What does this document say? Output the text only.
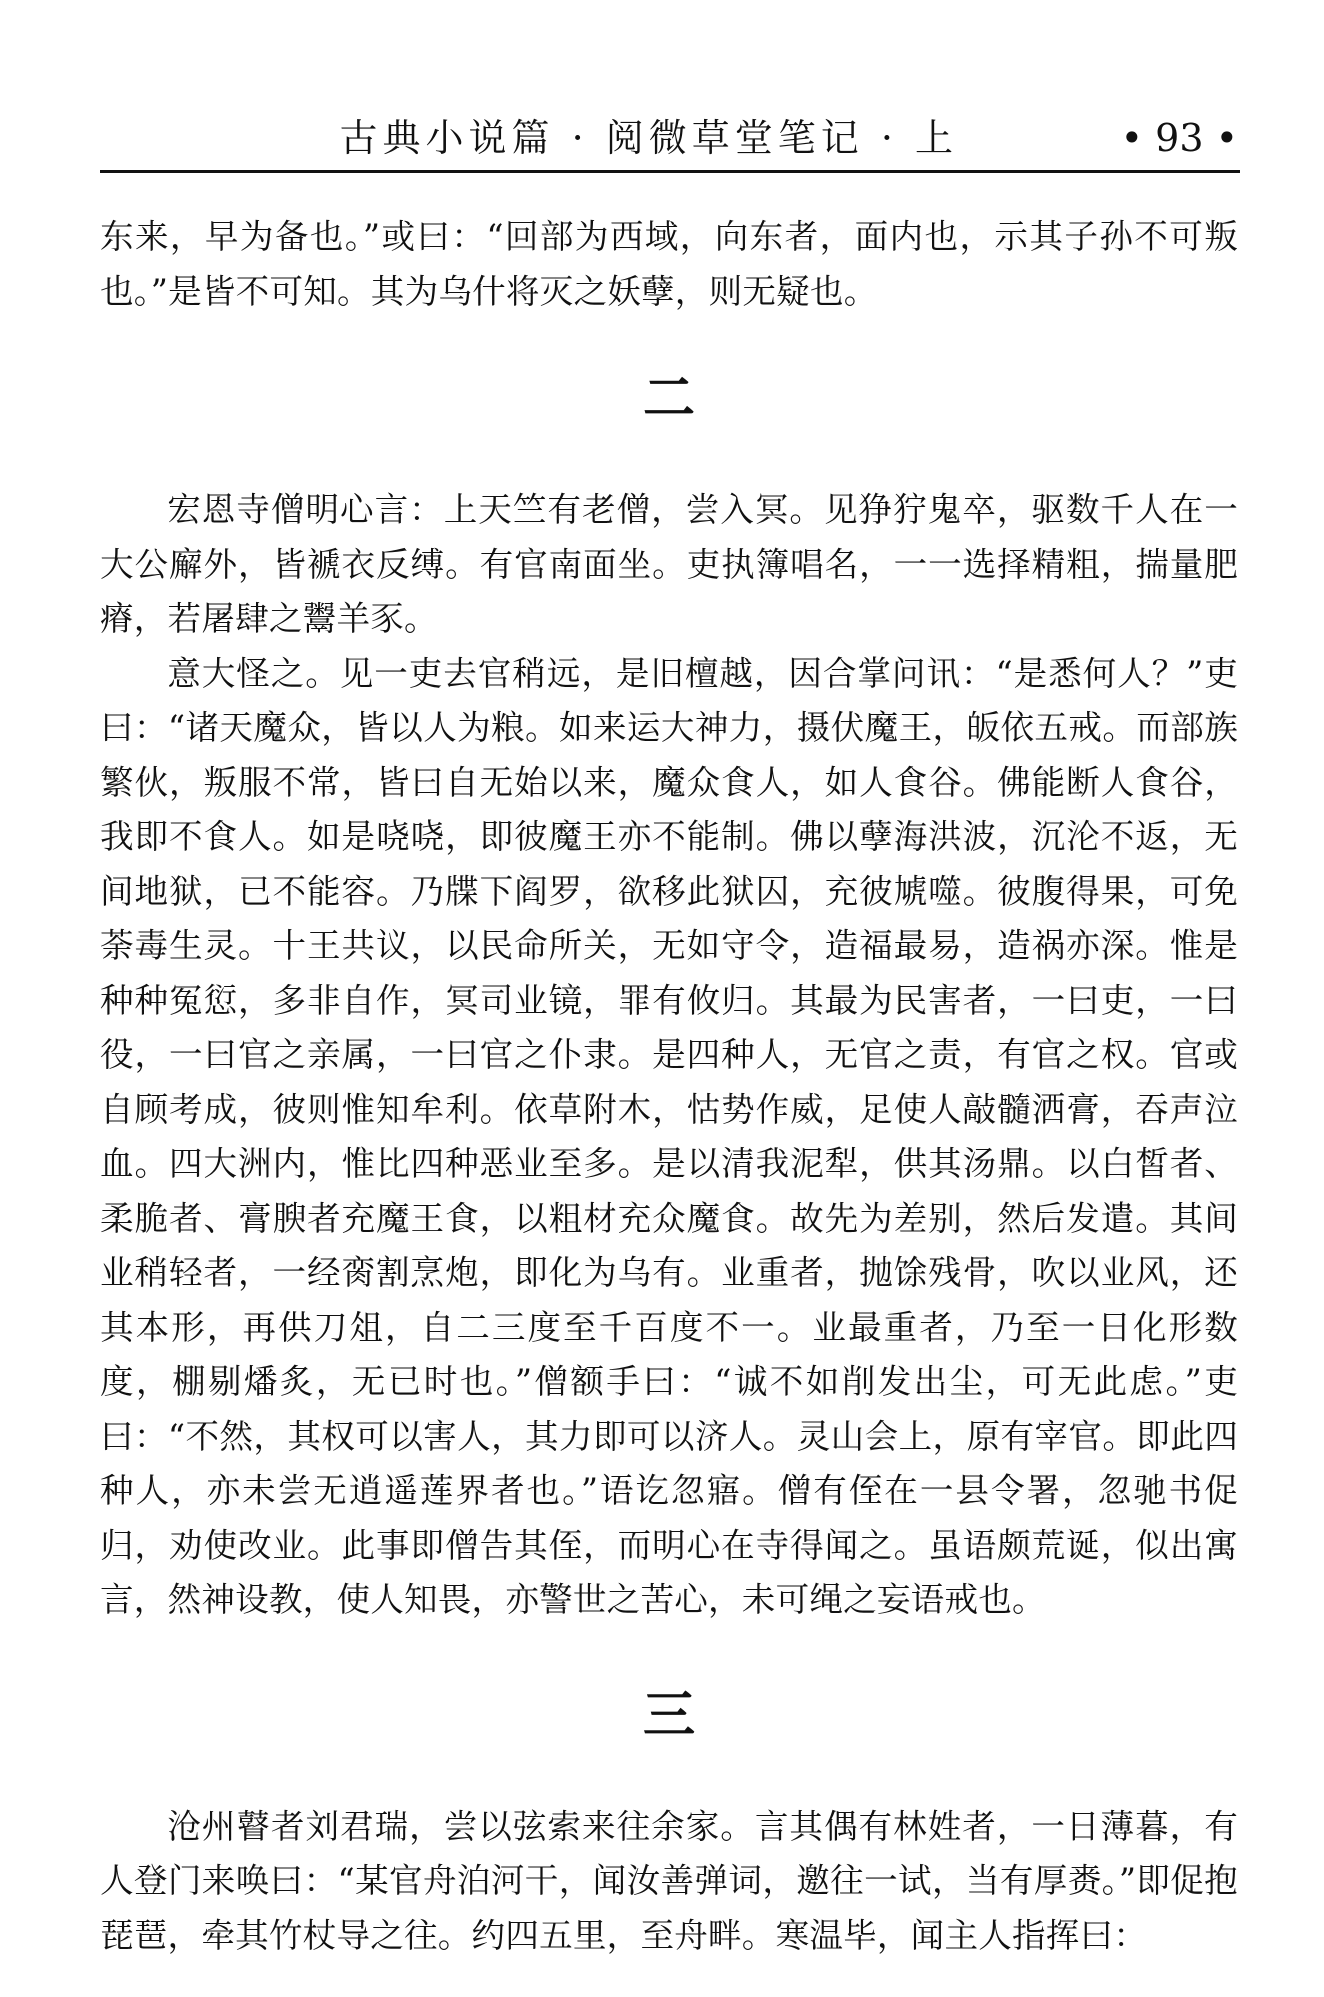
古典小说篇 · 阅微草堂笔记 · 上	• 93 •

东来，早为备也。”或曰：“回部为西域，向东者，面内也，示其子孙不可叛也。”是皆不可知。其为乌什将灭之妖孽，则无疑也。

二

宏恩寺僧明心言：上天竺有老僧，尝入冥。见狰狞鬼卒，驱数千人在一大公廨外，皆褫衣反缚。有官南面坐。吏执簿唱名，一一选择精粗，揣量肥瘠，若屠肆之鬻羊豕。

意大怪之。见一吏去官稍远，是旧檀越，因合掌问讯：“是悉何人？”吏曰：“诸天魔众，皆以人为粮。如来运大神力，摄伏魔王，皈依五戒。而部族繁伙，叛服不常，皆曰自无始以来，魔众食人，如人食谷。佛能断人食谷，我即不食人。如是哓哓，即彼魔王亦不能制。佛以孽海洪波，沉沦不返，无间地狱，已不能容。乃牒下阎罗，欲移此狱囚，充彼虓噬。彼腹得果，可免荼毒生灵。十王共议，以民命所关，无如守令，造福最易，造祸亦深。惟是种种冤愆，多非自作，冥司业镜，罪有攸归。其最为民害者，一曰吏，一曰役，一曰官之亲属，一曰官之仆隶。是四种人，无官之责，有官之权。官或自顾考成，彼则惟知牟利。依草附木，怙势作威，足使人敲髓洒膏，吞声泣血。四大洲内，惟比四种恶业至多。是以清我泥犁，供其汤鼎。以白皙者、柔脆者、膏腴者充魔王食，以粗材充众魔食。故先为差别，然后发遣。其间业稍轻者，一经脔割烹炮，即化为乌有。业重者，抛馀残骨，吹以业风，还其本形，再供刀俎，自二三度至千百度不一。业最重者，乃至一日化形数度，棚剔燔炙，无已时也。”僧额手曰：“诚不如削发出尘，可无此虑。”吏曰：“不然，其权可以害人，其力即可以济人。灵山会上，原有宰官。即此四种人，亦未尝无逍遥莲界者也。”语讫忽寤。僧有侄在一县令署，忽驰书促归，劝使改业。此事即僧告其侄，而明心在寺得闻之。虽语颇荒诞，似出寓言，然神设教，使人知畏，亦警世之苦心，未可绳之妄语戒也。

三

沧州瞽者刘君瑞，尝以弦索来往余家。言其偶有林姓者，一日薄暮，有人登门来唤曰：“某官舟泊河干，闻汝善弹词，邀往一试，当有厚赉。”即促抱琵琶，牵其竹杖导之往。约四五里，至舟畔。寒温毕，闻主人指挥曰：
